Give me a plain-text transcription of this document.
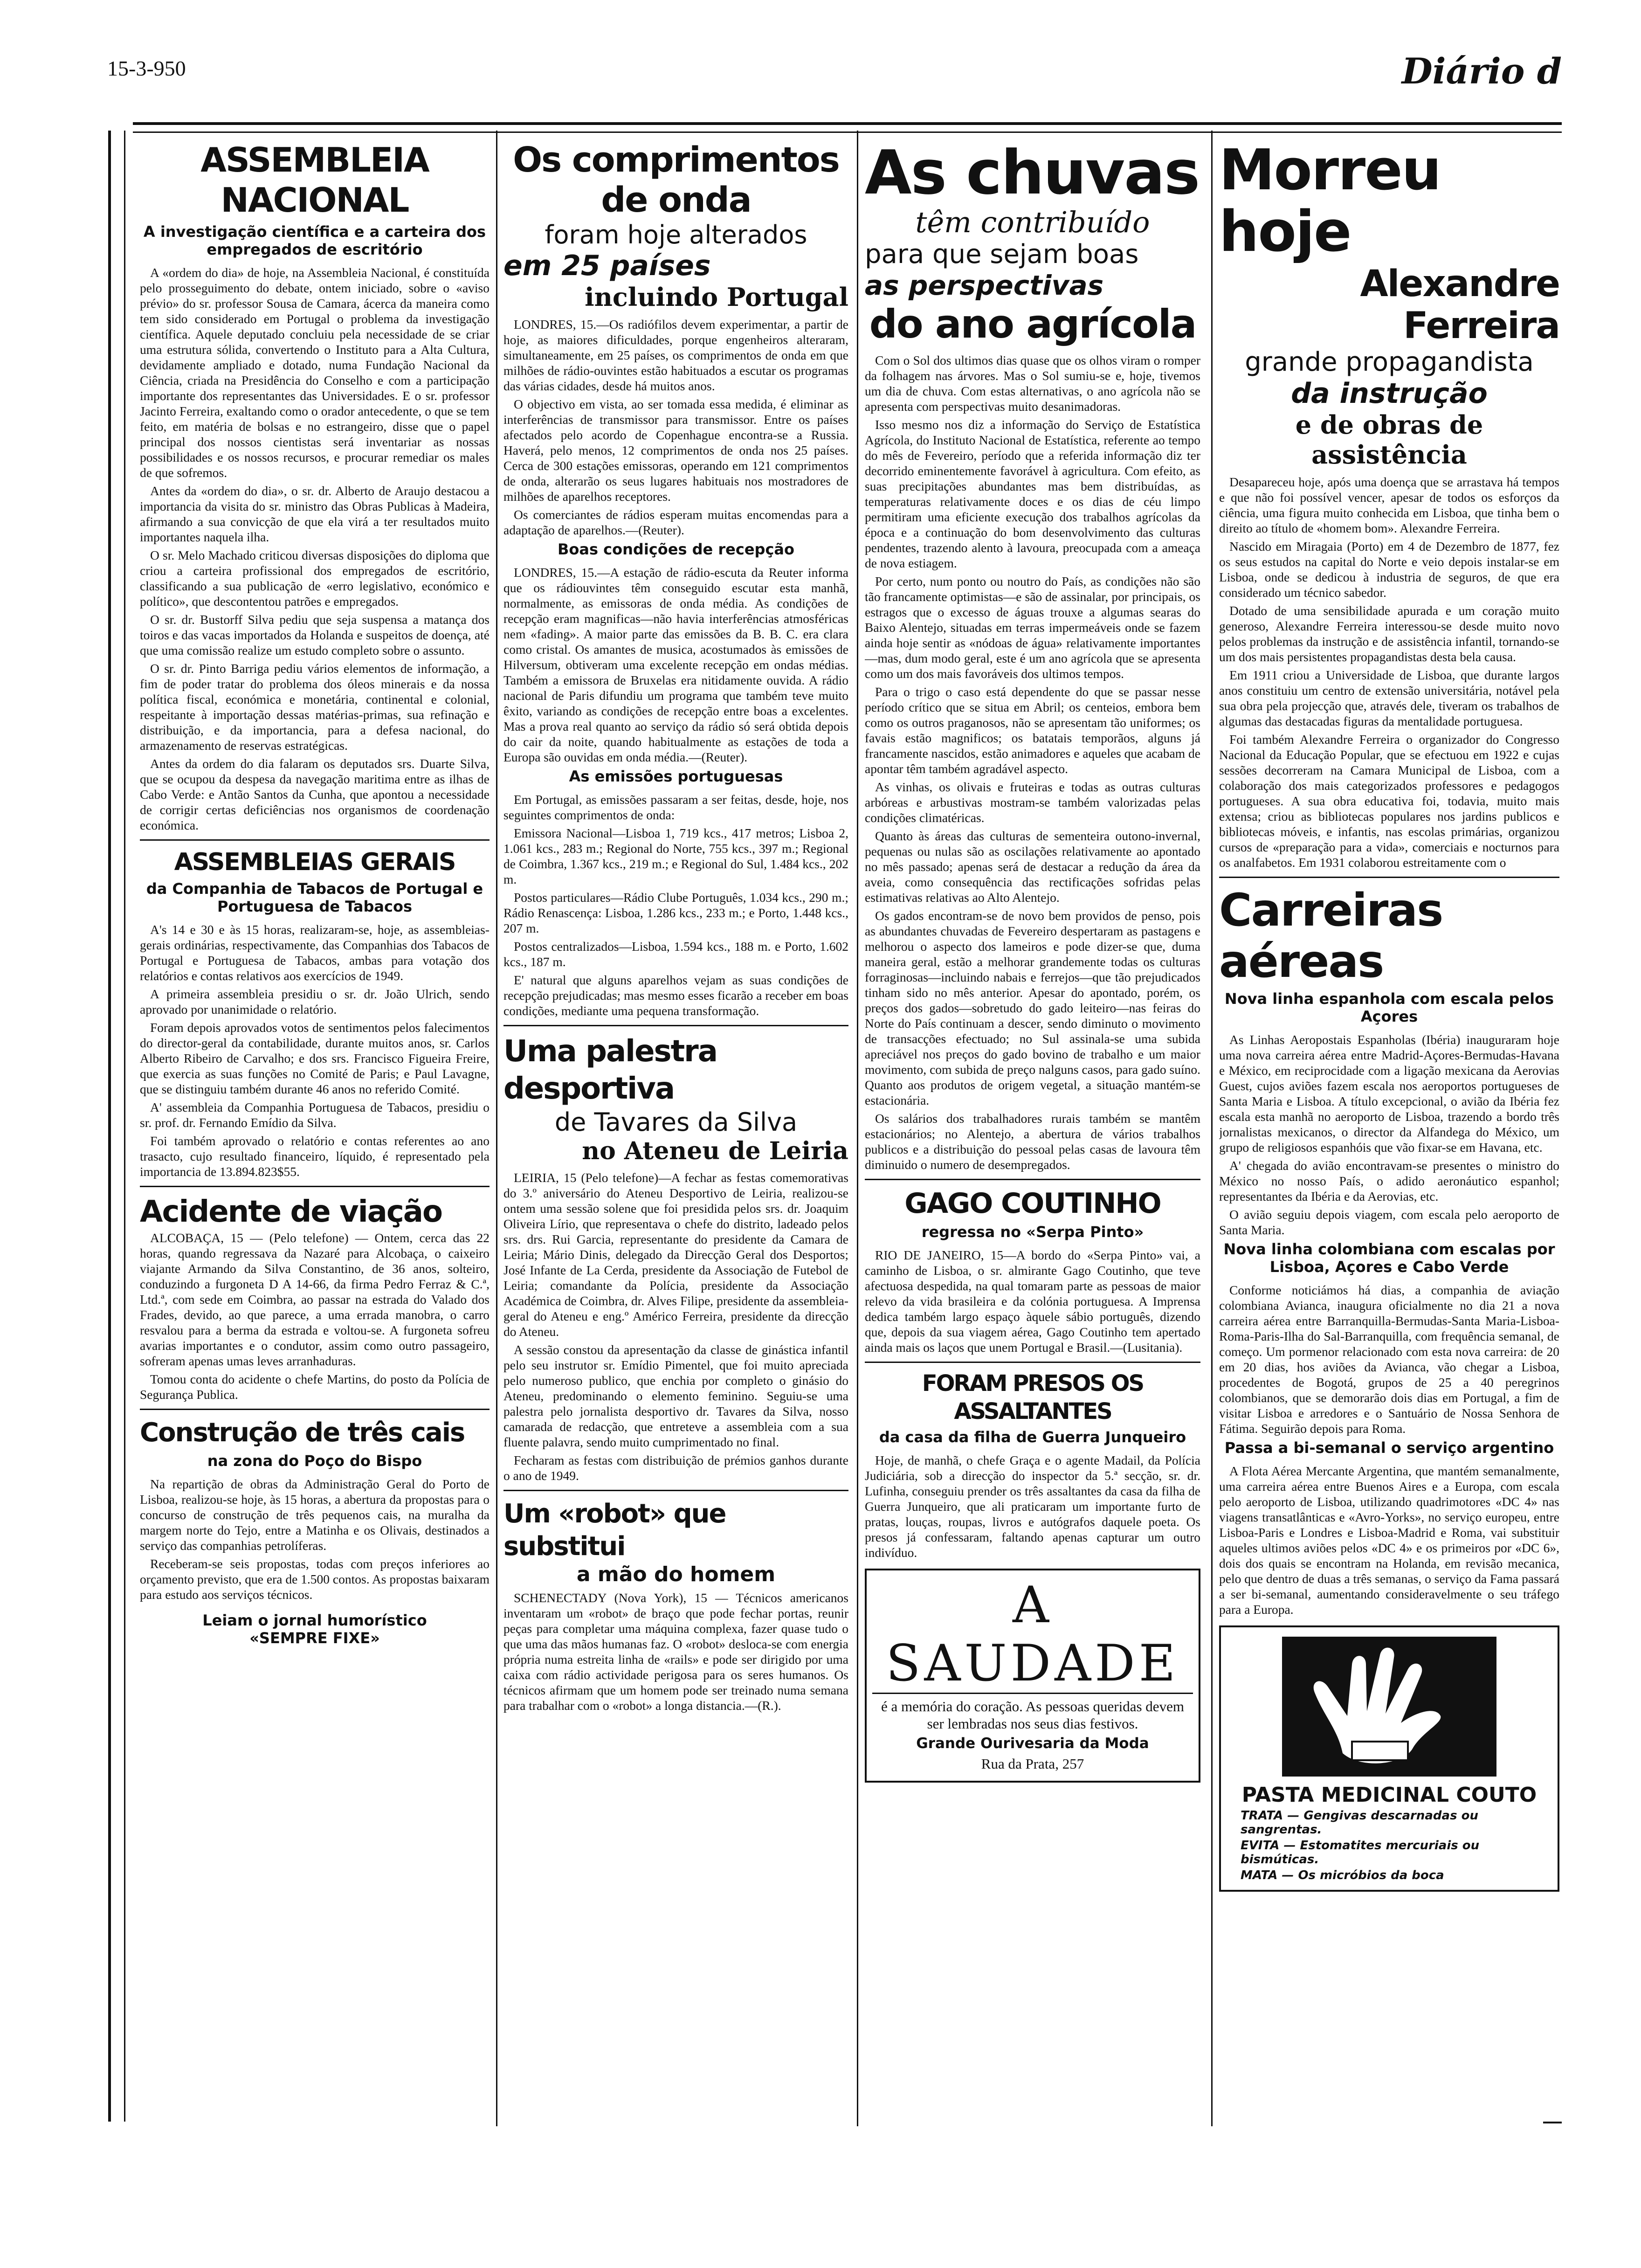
15-3-950	Diário d
ASSEMBLEIA NACIONAL
A investigação científica e a carteira dos empregados de escritório

A «ordem do dia» de hoje, na Assembleia Nacional, é constituída pelo prosseguimento do debate, ontem iniciado, sobre o «aviso prévio» do sr. professor Sousa de Camara, ácerca da maneira como tem sido considerado em Portugal o problema da investigação científica. Aquele deputado concluiu pela necessidade de se criar uma estrutura sólida, convertendo o Instituto para a Alta Cultura, devidamente ampliado e dotado, numa Fundação Nacional da Ciência, criada na Presidência do Conselho e com a participação importante dos representantes das Universidades. E o sr. professor Jacinto Ferreira, exaltando como o orador antecedente, o que se tem feito, em matéria de bolsas e no estrangeiro, disse que o papel principal dos nossos cientistas será inventariar as nossas possibilidades e os nossos recursos, e procurar remediar os males de que sofremos.

Antes da «ordem do dia», o sr. dr. Alberto de Araujo destacou a importancia da visita do sr. ministro das Obras Publicas à Madeira, afirmando a sua convicção de que ela virá a ter resultados muito importantes naquela ilha.

O sr. Melo Machado criticou diversas disposições do diploma que criou a carteira profissional dos empregados de escritório, classificando a sua publicação de «erro legislativo, económico e político», que descontentou patrões e empregados.

O sr. dr. Bustorff Silva pediu que seja suspensa a matança dos toiros e das vacas importados da Holanda e suspeitos de doença, até que uma comissão realize um estudo completo sobre o assunto.

O sr. dr. Pinto Barriga pediu vários elementos de informação, a fim de poder tratar do problema dos óleos minerais e da nossa política fiscal, económica e monetária, continental e colonial, respeitante à importação dessas matérias-primas, sua refinação e distribuição, e da importancia, para a defesa nacional, do armazenamento de reservas estratégicas.

Antes da ordem do dia falaram os deputados srs. Duarte Silva, que se ocupou da despesa da navegação maritima entre as ilhas de Cabo Verde: e Antão Santos da Cunha, que apontou a necessidade de corrigir certas deficiências nos organismos de coordenação económica.

ASSEMBLEIAS GERAIS
da Companhia de Tabacos de Portugal e Portuguesa de Tabacos

A's 14 e 30 e às 15 horas, realizaram-se, hoje, as assembleias-gerais ordinárias, respectivamente, das Companhias dos Tabacos de Portugal e Portuguesa de Tabacos, ambas para votação dos relatórios e contas relativos aos exercícios de 1949.

A primeira assembleia presidiu o sr. dr. João Ulrich, sendo aprovado por unanimidade o relatório.

Foram depois aprovados votos de sentimentos pelos falecimentos do director-geral da contabilidade, durante muitos anos, sr. Carlos Alberto Ribeiro de Carvalho; e dos srs. Francisco Figueira Freire, que exercia as suas funções no Comité de Paris; e Paul Lavagne, que se distinguiu também durante 46 anos no referido Comité.

A' assembleia da Companhia Portuguesa de Tabacos, presidiu o sr. prof. dr. Fernando Emídio da Silva.

Foi também aprovado o relatório e contas referentes ao ano trasacto, cujo resultado financeiro, líquido, é representado pela importancia de 13.894.823$55.

Acidente de viação

ALCOBAÇA, 15 — (Pelo telefone) — Ontem, cerca das 22 horas, quando regressava da Nazaré para Alcobaça, o caixeiro viajante Armando da Silva Constantino, de 36 anos, solteiro, conduzindo a furgoneta D A 14-66, da firma Pedro Ferraz & C.ª, Ltd.ª, com sede em Coimbra, ao passar na estrada do Valado dos Frades, devido, ao que parece, a uma errada manobra, o carro resvalou para a berma da estrada e voltou-se. A furgoneta sofreu avarias importantes e o condutor, assim como outro passageiro, sofreram apenas umas leves arranhaduras.

Tomou conta do acidente o chefe Martins, do posto da Polícia de Segurança Publica.

Construção de três cais
na zona do Poço do Bispo

Na repartição de obras da Administração Geral do Porto de Lisboa, realizou-se hoje, às 15 horas, a abertura da propostas para o concurso de construção de três pequenos cais, na muralha da margem norte do Tejo, entre a Matinha e os Olivais, destinados a serviço das companhias petrolíferas.

Receberam-se seis propostas, todas com preços inferiores ao orçamento previsto, que era de 1.500 contos. As propostas baixaram para estudo aos serviços técnicos.

Leiam o jornal humorístico
«SEMPRE FIXE»
Os comprimentos de onda
foram hoje alterados
em 25 países
incluindo Portugal

LONDRES, 15.—Os radiófilos devem experimentar, a partir de hoje, as maiores dificuldades, porque engenheiros alteraram, simultaneamente, em 25 países, os comprimentos de onda em que milhões de rádio-ouvintes estão habituados a escutar os programas das várias cidades, desde há muitos anos.

O objectivo em vista, ao ser tomada essa medida, é eliminar as interferências de transmissor para transmissor. Entre os países afectados pelo acordo de Copenhague encontra-se a Russia. Haverá, pelo menos, 12 comprimentos de onda nos 25 países. Cerca de 300 estações emissoras, operando em 121 comprimentos de onda, alterarão os seus lugares habituais nos mostradores de milhões de aparelhos receptores.

Os comerciantes de rádios esperam muitas encomendas para a adaptação de aparelhos.—(Reuter).

Boas condições de recepção

LONDRES, 15.—A estação de rádio-escuta da Reuter informa que os rádiouvintes têm conseguido escutar esta manhã, normalmente, as emissoras de onda média. As condições de recepção eram magnificas—não havia interferências atmosféricas nem «fading». A maior parte das emissões da B. B. C. era clara como cristal. Os amantes de musica, acostumados às emissões de Hilversum, obtiveram uma excelente recepção em ondas médias. Também a emissora de Bruxelas era nitidamente ouvida. A rádio nacional de Paris difundiu um programa que também teve muito êxito, variando as condições de recepção entre boas a excelentes. Mas a prova real quanto ao serviço da rádio só será obtida depois do cair da noite, quando habitualmente as estações de toda a Europa são ouvidas em onda média.—(Reuter).

As emissões portuguesas

Em Portugal, as emissões passaram a ser feitas, desde, hoje, nos seguintes comprimentos de onda:

Emissora Nacional—Lisboa 1, 719 kcs., 417 metros; Lisboa 2, 1.061 kcs., 283 m.; Regional do Norte, 755 kcs., 397 m.; Regional de Coimbra, 1.367 kcs., 219 m.; e Regional do Sul, 1.484 kcs., 202 m.

Postos particulares—Rádio Clube Português, 1.034 kcs., 290 m.; Rádio Renascença: Lisboa, 1.286 kcs., 233 m.; e Porto, 1.448 kcs., 207 m.

Postos centralizados—Lisboa, 1.594 kcs., 188 m. e Porto, 1.602 kcs., 187 m.

E' natural que alguns aparelhos vejam as suas condições de recepção prejudicadas; mas mesmo esses ficarão a receber em boas condições, mediante uma pequena transformação.

Uma palestra desportiva
de Tavares da Silva
no Ateneu de Leiria

LEIRIA, 15 (Pelo telefone)—A fechar as festas comemorativas do 3.º aniversário do Ateneu Desportivo de Leiria, realizou-se ontem uma sessão solene que foi presidida pelos srs. dr. Joaquim Oliveira Lírio, que representava o chefe do distrito, ladeado pelos srs. drs. Rui Garcia, representante do presidente da Camara de Leiria; Mário Dinis, delegado da Direcção Geral dos Desportos; José Infante de La Cerda, presidente da Associação de Futebol de Leiria; comandante da Polícia, presidente da Associação Académica de Coimbra, dr. Alves Filipe, presidente da assembleia-geral do Ateneu e eng.º Américo Ferreira, presidente da direcção do Ateneu.

A sessão constou da apresentação da classe de ginástica infantil pelo seu instrutor sr. Emídio Pimentel, que foi muito apreciada pelo numeroso publico, que enchia por completo o ginásio do Ateneu, predominando o elemento feminino. Seguiu-se uma palestra pelo jornalista desportivo dr. Tavares da Silva, nosso camarada de redacção, que entreteve a assembleia com a sua fluente palavra, sendo muito cumprimentado no final.

Fecharam as festas com distribuição de prémios ganhos durante o ano de 1949.

Um «robot» que substitui
a mão do homem

SCHENECTADY (Nova York), 15 — Técnicos americanos inventaram um «robot» de braço que pode fechar portas, reunir peças para completar uma máquina complexa, fazer quase tudo o que uma das mãos humanas faz. O «robot» desloca-se com energia própria numa estreita linha de «rails» e pode ser dirigido por uma caixa com rádio actividade perigosa para os seres humanos. Os técnicos afirmam que um homem pode ser treinado numa semana para trabalhar com o «robot» a longa distancia.—(R.).

As chuvas
têm contribuído
para que sejam boas
as perspectivas
do ano agrícola

Com o Sol dos ultimos dias quase que os olhos viram o romper da folhagem nas árvores. Mas o Sol sumiu-se e, hoje, tivemos um dia de chuva. Com estas alternativas, o ano agrícola não se apresenta com perspectivas muito desanimadoras.

Isso mesmo nos diz a informação do Serviço de Estatística Agrícola, do Instituto Nacional de Estatística, referente ao tempo do mês de Fevereiro, período que a referida informação diz ter decorrido eminentemente favorável à agricultura. Com efeito, as suas precipitações abundantes mas bem distribuídas, as temperaturas relativamente doces e os dias de céu limpo permitiram uma eficiente execução dos trabalhos agrícolas da época e a continuação do bom desenvolvimento das culturas pendentes, trazendo alento à lavoura, preocupada com a ameaça de nova estiagem.

Por certo, num ponto ou noutro do País, as condições não são tão francamente optimistas—e são de assinalar, por principais, os estragos que o excesso de águas trouxe a algumas searas do Baixo Alentejo, situadas em terras impermeáveis onde se fazem ainda hoje sentir as «nódoas de água» relativamente importantes—mas, dum modo geral, este é um ano agrícola que se apresenta como um dos mais favoráveis dos ultimos tempos.

Para o trigo o caso está dependente do que se passar nesse período crítico que se situa em Abril; os centeios, embora bem como os outros praganosos, não se apresentam tão uniformes; os favais estão magnificos; os batatais temporãos, alguns já francamente nascidos, estão animadores e aqueles que acabam de apontar têm também agradável aspecto.

As vinhas, os olivais e fruteiras e todas as outras culturas arbóreas e arbustivas mostram-se também valorizadas pelas condições climatéricas.

Quanto às áreas das culturas de sementeira outono-invernal, pequenas ou nulas são as oscilações relativamente ao apontado no mês passado; apenas será de destacar a redução da área da aveia, como consequência das rectificações sofridas pelas estimativas relativas ao Alto Alentejo.

Os gados encontram-se de novo bem providos de penso, pois as abundantes chuvadas de Fevereiro despertaram as pastagens e melhorou o aspecto dos lameiros e pode dizer-se que, duma maneira geral, estão a melhorar grandemente todas os culturas forraginosas—incluindo nabais e ferrejos—que tão prejudicados tinham sido no mês anterior. Apesar do apontado, porém, os preços dos gados—sobretudo do gado leiteiro—nas feiras do Norte do País continuam a descer, sendo diminuto o movimento de transacções efectuado; no Sul assinala-se uma subida apreciável nos preços do gado bovino de trabalho e um maior movimento, com subida de preço nalguns casos, para gado suíno. Quanto aos produtos de origem vegetal, a situação mantém-se estacionária.

Os salários dos trabalhadores rurais também se mantêm estacionários; no Alentejo, a abertura de vários trabalhos publicos e a distribuição do pessoal pelas casas de lavoura têm diminuido o numero de desempregados.

GAGO COUTINHO
regressa no «Serpa Pinto»

RIO DE JANEIRO, 15—A bordo do «Serpa Pinto» vai, a caminho de Lisboa, o sr. almirante Gago Coutinho, que teve afectuosa despedida, na qual tomaram parte as pessoas de maior relevo da vida brasileira e da colónia portuguesa. A Imprensa dedica também largo espaço àquele sábio português, dizendo que, depois da sua viagem aérea, Gago Coutinho tem apertado ainda mais os laços que unem Portugal e Brasil.—(Lusitania).

FORAM PRESOS OS ASSALTANTES
da casa da filha de Guerra Junqueiro

Hoje, de manhã, o chefe Graça e o agente Madail, da Polícia Judiciária, sob a direcção do inspector da 5.ª secção, sr. dr. Lufinha, conseguiu prender os três assaltantes da casa da filha de Guerra Junqueiro, que ali praticaram um importante furto de pratas, louças, roupas, livros e autógrafos daquele poeta. Os presos já confessaram, faltando apenas capturar um outro indivíduo.

A SAUDADE

é a memória do coração. As pessoas queridas devem ser lembradas nos seus dias festivos.

Grande Ourivesaria da Moda

Rua da Prata, 257

Morreu hoje
Alexandre Ferreira
grande propagandista
da instrução
e de obras de assistência

Desapareceu hoje, após uma doença que se arrastava há tempos e que não foi possível vencer, apesar de todos os esforços da ciência, uma figura muito conhecida em Lisboa, que tinha bem o direito ao título de «homem bom». Alexandre Ferreira.

Nascido em Miragaia (Porto) em 4 de Dezembro de 1877, fez os seus estudos na capital do Norte e veio depois instalar-se em Lisboa, onde se dedicou à industria de seguros, de que era considerado um técnico sabedor.

Dotado de uma sensibilidade apurada e um coração muito generoso, Alexandre Ferreira interessou-se desde muito novo pelos problemas da instrução e de assistência infantil, tornando-se um dos mais persistentes propagandistas desta bela causa.

Em 1911 criou a Universidade de Lisboa, que durante largos anos constituiu um centro de extensão universitária, notável pela sua obra pela projecção que, através dele, tiveram os trabalhos de algumas das destacadas figuras da mentalidade portuguesa.

Foi também Alexandre Ferreira o organizador do Congresso Nacional da Educação Popular, que se efectuou em 1922 e cujas sessões decorreram na Camara Municipal de Lisboa, com a colaboração dos mais categorizados professores e pedagogos portugueses. A sua obra educativa foi, todavia, muito mais extensa; criou as bibliotecas populares nos jardins publicos e bibliotecas móveis, e infantis, nas escolas primárias, organizou cursos de «preparação para a vida», comerciais e nocturnos para os analfabetos. Em 1931 colaborou estreitamente com o

Carreiras aéreas
Nova linha espanhola com escala pelos Açores

As Linhas Aeropostais Espanholas (Ibéria) inauguraram hoje uma nova carreira aérea entre Madrid-Açores-Bermudas-Havana e México, em reciprocidade com a ligação mexicana da Aerovias Guest, cujos aviões fazem escala nos aeroportos portugueses de Santa Maria e Lisboa. A título excepcional, o avião da Ibéria fez escala esta manhã no aeroporto de Lisboa, trazendo a bordo três jornalistas mexicanos, o director da Alfandega do México, um grupo de religiosos espanhóis que vão fixar-se em Havana, etc.

A' chegada do avião encontravam-se presentes o ministro do México no nosso País, o adido aeronáutico espanhol; representantes da Ibéria e da Aerovias, etc.

O avião seguiu depois viagem, com escala pelo aeroporto de Santa Maria.

Nova linha colombiana com escalas por Lisboa, Açores e Cabo Verde

Conforme noticiámos há dias, a companhia de aviação colombiana Avianca, inaugura oficialmente no dia 21 a nova carreira aérea entre Barranquilla-Bermudas-Santa Maria-Lisboa-Roma-Paris-Ilha do Sal-Barranquilla, com frequência semanal, de começo. Um pormenor relacionado com esta nova carreira: de 20 em 20 dias, hos aviões da Avianca, vão chegar a Lisboa, procedentes de Bogotá, grupos de 25 a 40 peregrinos colombianos, que se demorarão dois dias em Portugal, a fim de visitar Lisboa e arredores e o Santuário de Nossa Senhora de Fátima. Seguirão depois para Roma.

Passa a bi-semanal o serviço argentino

A Flota Aérea Mercante Argentina, que mantém semanalmente, uma carreira aérea entre Buenos Aires e a Europa, com escala pelo aeroporto de Lisboa, utilizando quadrimotores «DC 4» nas viagens transatlânticas e «Avro-Yorks», no serviço europeu, entre Lisboa-Paris e Londres e Lisboa-Madrid e Roma, vai substituir aqueles ultimos aviões pelos «DC 4» e os primeiros por «DC 6», dois dos quais se encontram na Holanda, em revisão mecanica, pelo que dentro de duas a três semanas, o serviço da Fama passará a ser bi-semanal, aumentando consideravelmente o seu tráfego para a Europa.

PASTA MEDICINAL COUTO
TRATA — Gengivas descarnadas ou sangrentas.
EVITA — Estomatites mercuriais ou bismúticas.
MATA — Os micróbios da boca
